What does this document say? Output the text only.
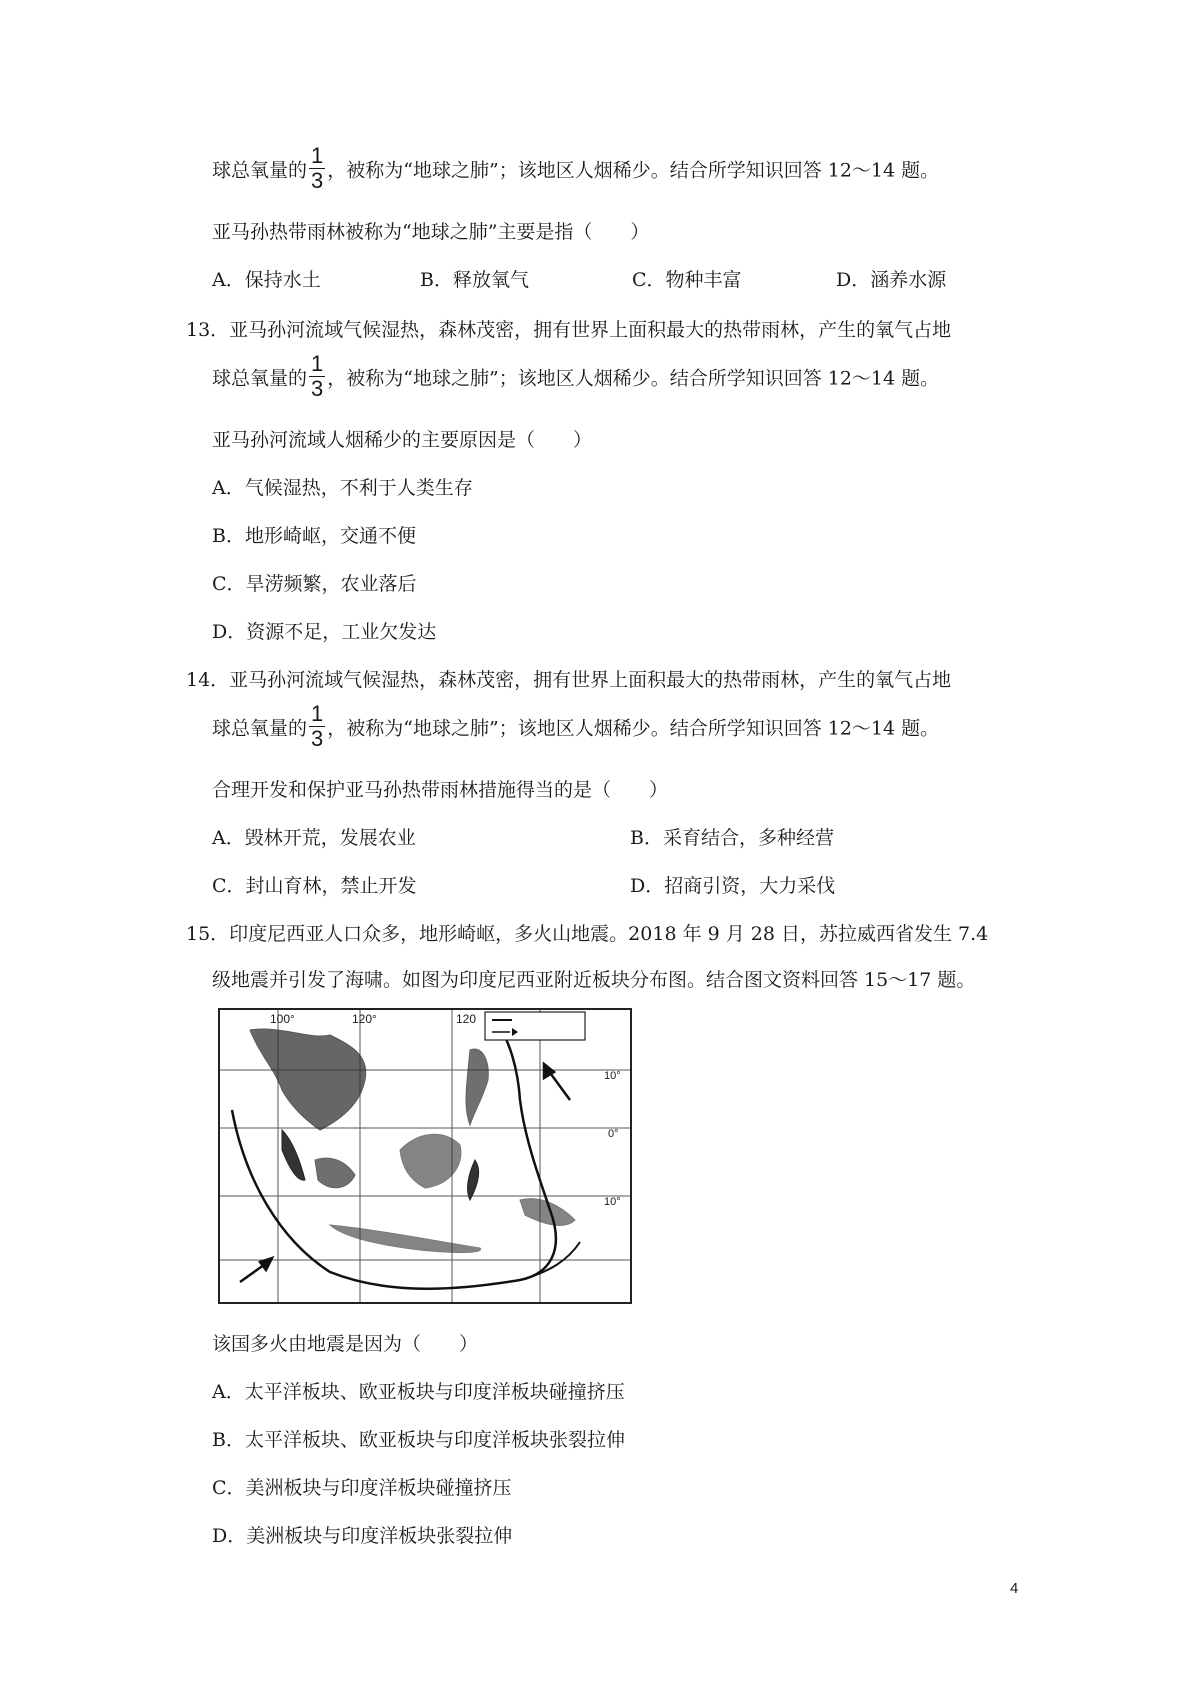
球总氧量的 $\frac{1}{3}$ ，被称为“地球之肺”；该地区人烟稀少。结合所学知识回答 12～14 题。
亚马孙热带雨林被称为“地球之肺”主要是指（　　）
A．保持水土	B．释放氧气	C．物种丰富	D．涵养水源
13．亚马孙河流域气候湿热，森林茂密，拥有世界上面积最大的热带雨林，产生的氧气占地
球总氧量的 $\frac{1}{3}$ ，被称为“地球之肺”；该地区人烟稀少。结合所学知识回答 12～14 题。
亚马孙河流域人烟稀少的主要原因是（　　）
A．气候湿热，不利于人类生存
B．地形崎岖，交通不便
C．旱涝频繁，农业落后
D．资源不足，工业欠发达
14．亚马孙河流域气候湿热，森林茂密，拥有世界上面积最大的热带雨林，产生的氧气占地
球总氧量的 $\frac{1}{3}$ ，被称为“地球之肺”；该地区人烟稀少。结合所学知识回答 12～14 题。
合理开发和保护亚马孙热带雨林措施得当的是（　　）
A．毁林开荒，发展农业	B．采育结合，多种经营
C．封山育林，禁止开发	D．招商引资，大力采伐
15．印度尼西亚人口众多，地形崎岖，多火山地震。2018 年 9 月 28 日，苏拉威西省发生 7.4
级地震并引发了海啸。如图为印度尼西亚附近板块分布图。结合图文资料回答 15～17 题。
100°	120°	120
10°
0°
10°
该国多火由地震是因为（　　）
A．太平洋板块、欧亚板块与印度洋板块碰撞挤压
B．太平洋板块、欧亚板块与印度洋板块张裂拉伸
C．美洲板块与印度洋板块碰撞挤压
D．美洲板块与印度洋板块张裂拉伸
4
